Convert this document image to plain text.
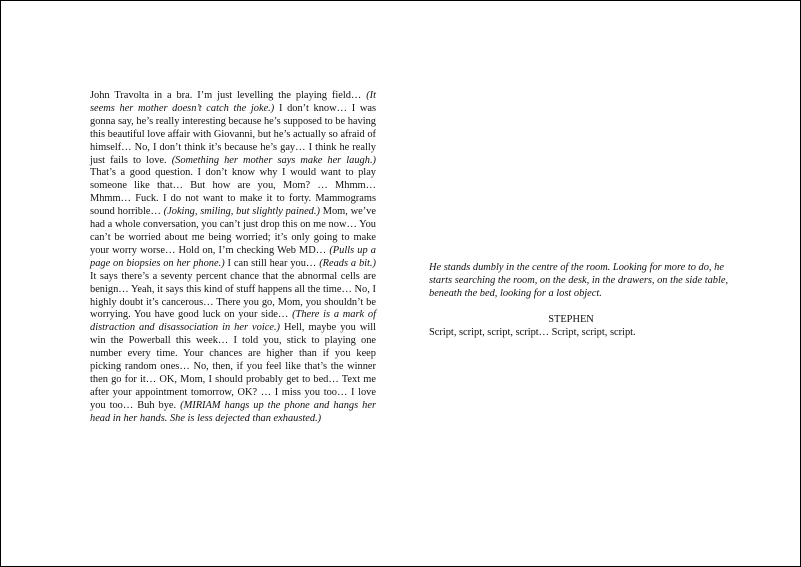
John Travolta in a bra. I’m just levelling the playing field… (It seems her mother doesn’t catch the joke.) I don’t know… I was gonna say, he’s really interesting because he’s supposed to be having this beautiful love affair with Giovanni, but he’s actually so afraid of himself… No, I don’t think it’s because he’s gay… I think he really just fails to love. (Something her mother says make her laugh.) That’s a good question. I don’t know why I would want to play someone like that… But how are you, Mom? … Mhmm… Mhmm… Fuck. I do not want to make it to forty. Mammograms sound horrible… (Joking, smiling, but slightly pained.) Mom, we’ve had a whole conversation, you can’t just drop this on me now… You can’t be worried about me being worried; it’s only going to make your worry worse… Hold on, I’m checking Web MD… (Pulls up a page on biopsies on her phone.) I can still hear you… (Reads a bit.) It says there’s a seventy percent chance that the abnormal cells are benign… Yeah, it says this kind of stuff happens all the time… No, I highly doubt it’s cancerous… There you go, Mom, you shouldn’t be worrying. You have good luck on your side… (There is a mark of distraction and disassociation in her voice.) Hell, maybe you will win the Powerball this week… I told you, stick to playing one number every time. Your chances are higher than if you keep picking random ones… No, then, if you feel like that’s the winner then go for it… OK, Mom, I should probably get to bed… Text me after your appointment tomorrow, OK? … I miss you too… I love you too… Buh bye. (MIRIAM hangs up the phone and hangs her head in her hands. She is less dejected than exhausted.)

He stands dumbly in the centre of the room. Looking for more to do, he starts searching the room, on the desk, in the drawers, on the side table, beneath the bed, looking for a lost object.

STEPHEN

Script, script, script, script… Script, script, script.
